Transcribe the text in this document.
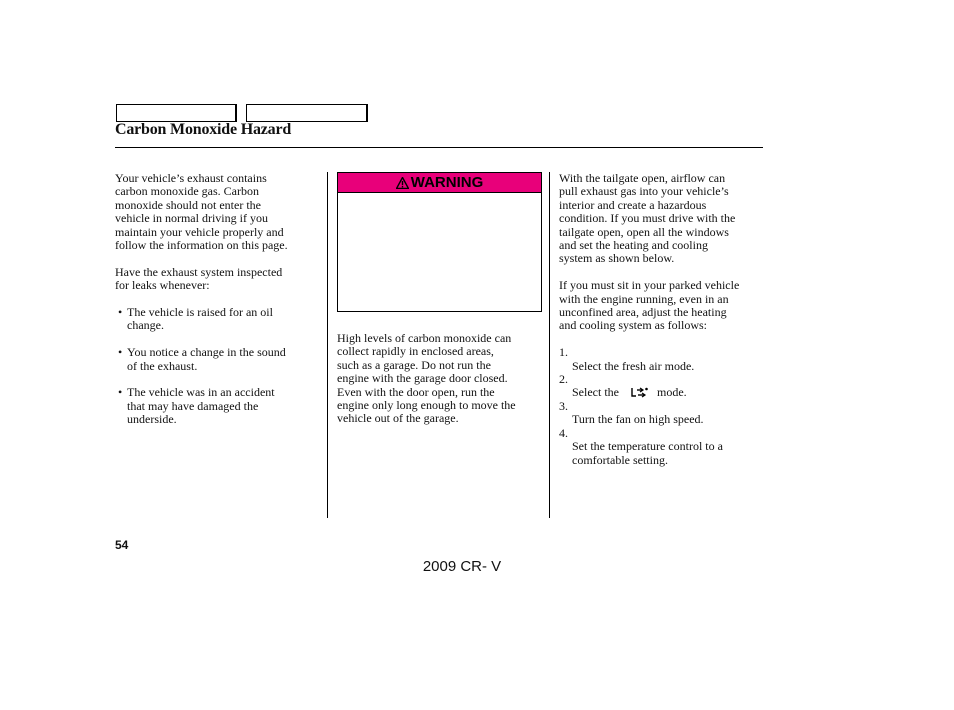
Carbon Monoxide Hazard

Your vehicle’s exhaust contains
carbon monoxide gas. Carbon
monoxide should not enter the
vehicle in normal driving if you
maintain your vehicle properly and
follow the information on this page.

Have the exhaust system inspected
for leaks whenever:

• The vehicle is raised for an oil
change.
• You notice a change in the sound
of the exhaust.
• The vehicle was in an accident
that may have damaged the
underside.
WARNING

High levels of carbon monoxide can
collect rapidly in enclosed areas,
such as a garage. Do not run the
engine with the garage door closed.
Even with the door open, run the
engine only long enough to move the
vehicle out of the garage.

With the tailgate open, airflow can
pull exhaust gas into your vehicle’s
interior and create a hazardous
condition. If you must drive with the
tailgate open, open all the windows
and set the heating and cooling
system as shown below.

If you must sit in your parked vehicle
with the engine running, even in an
unconfined area, adjust the heating
and cooling system as follows:

1.
Select the fresh air mode.

2.
Select the	mode.

3.
Turn the fan on high speed.

4.
Set the temperature control to a
comfortable setting.

54
2009 CR- V
